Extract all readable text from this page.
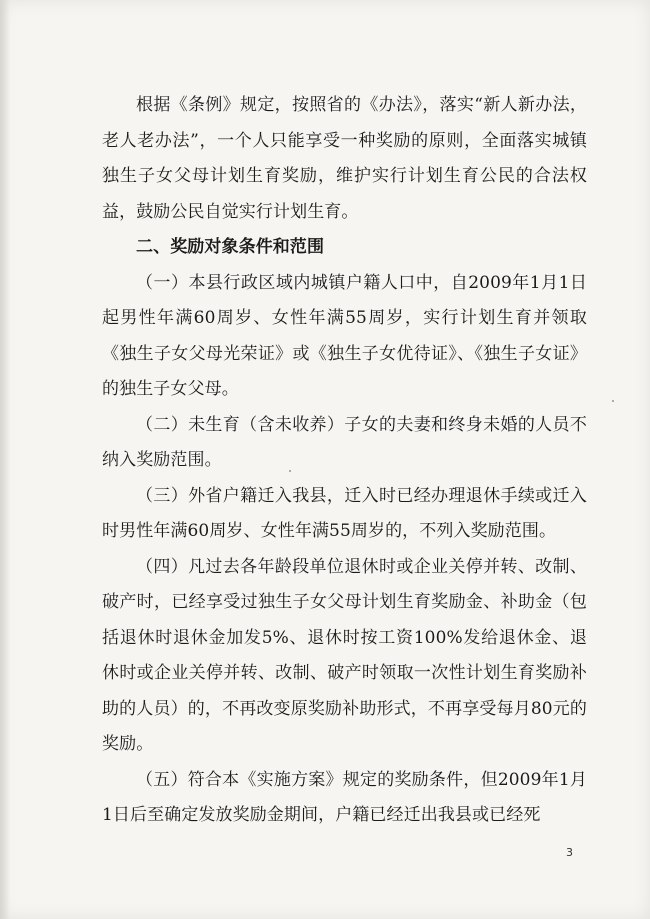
根据《条例》规定，按照省的《办法》，落实“新人新办法，老人老办法”，一个人只能享受一种奖励的原则，全面落实城镇独生子女父母计划生育奖励，维护实行计划生育公民的合法权益，鼓励公民自觉实行计划生育。

二、奖励对象条件和范围

（一）本县行政区域内城镇户籍人口中，自2009年1月1日起男性年满60周岁、女性年满55周岁，实行计划生育并领取《独生子女父母光荣证》或《独生子女优待证》、《独生子女证》的独生子女父母。

（二）未生育（含未收养）子女的夫妻和终身未婚的人员不纳入奖励范围。

（三）外省户籍迁入我县，迁入时已经办理退休手续或迁入时男性年满60周岁、女性年满55周岁的，不列入奖励范围。

（四）凡过去各年龄段单位退休时或企业关停并转、改制、破产时，已经享受过独生子女父母计划生育奖励金、补助金（包括退休时退休金加发5%、退休时按工资100%发给退休金、退休时或企业关停并转、改制、破产时领取一次性计划生育奖励补助的人员）的，不再改变原奖励补助形式，不再享受每月80元的奖励。

（五）符合本《实施方案》规定的奖励条件，但2009年1月1日后至确定发放奖励金期间，户籍已经迁出我县或已经死

3
